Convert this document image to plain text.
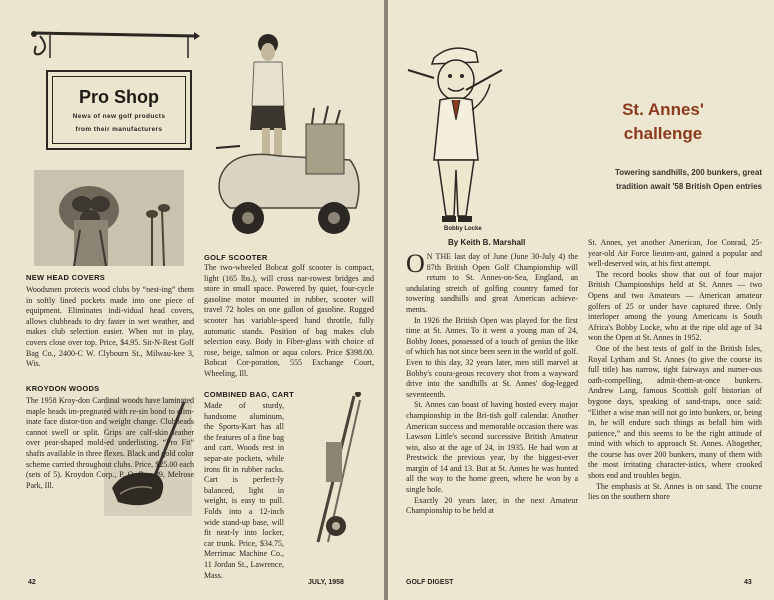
Pro Shop
News of new golf products
from their manufacturers
NEW HEAD COVERS
Woodsmen protects wood clubs by “nest-ing” them in softly lined pockets made into one piece of equipment. Eliminates indi-vidual head covers, allows clubheads to dry faster in wet weather, and makes club selection easier. When not in play, covers close over top. Price, $4.95. Sit-N-Rest Golf Bag Co., 2400-C W. Clybourn St., Milwau-kee 3, Wis.
KROYDON WOODS
The 1958 Kroy-don Cardinal woods have laminated maple heads im-pregnated with re-sin bond to elim-inate face distor-tion and weight change. Clubheads cannot swell or split. Grips are calf-skin leather over pear-shaped mold-ed underlisting. “Pro Fit” shafts available in three flexes. Black and gold color scheme carried throughout clubs. Price, $25.00 each (sets of 5). Kroydon Corp., P. O. Box 89, Melrose Park, Ill.
GOLF SCOOTER
The two-wheeled Bobcat golf scooter is compact, light (165 lbs.), will cross nar-rowest bridges and store in small space. Powered by quiet, four-cycle gasoline motor mounted in rubber, scooter will travel 72 holes on one gallon of gasoline. Rugged scooter has variable-speed hand throttle, fully automatic stands. Position of bag makes club selection easy. Body in Fiber-glass with choice of rose, beige, salmon or aqua colors. Price $398.00. Bobcat Cor-poration, 555 Exchange Court, Wheeling, Ill.
COMBINED BAG, CART
Made of sturdy, handsome aluminum, the Sports-Kart has all the features of a fine bag and cart. Woods rest in separ-ate pockets, while irons fit in rubber racks. Cart is perfect-ly balanced, light in weight, is easy to pull. Folds into a 12-inch wide stand-up base, will fit neat-ly into locker, car trunk. Price, $34.75, Merrimac Machine Co., 11 Jordan St., Lawrence, Mass.
42	JULY, 1958
Bobby Locke
St. Annes'
challenge
Towering sandhills, 200 bunkers, great
tradition await '58 British Open entries
By Keith B. Marshall
O N THE last day of June (June 30-July 4) the 87th British Open Golf Championship will return to St. Annes-on-Sea, England, an undulating stretch of golfing country famed for towering sandhills and great American achieve-ments.
In 1926 the British Open was played for the first time at St. Annes. To it went a young man of 24, Bobby Jones, possessed of a touch of genius the like of which has not since been seen in the world of golf. Even to this day, 32 years later, men still marvel at Bobby's coura-geous recovery shot from a wayward drive into the sandhills at St. Annes' dog-legged seventeenth.
St. Annes can boast of having hosted every major championship in the Bri-tish golf calendar. Another American success and memorable occasion there was Lawson Little's second successive British Amateur win, also at the age of 24, in 1935. He had won at Prestwick the previous year, by the biggest-ever margin of 14 and 13. But at St. Annes he was hunted all the way to the home green, where he won by a single hole.
Exactly 20 years later, in the next Amateur Championship to be held at
St. Annes, yet another American, Joe Conrad, 25-year-old Air Force lieuten-ant, gained a popular and well-deserved win, at his first attempt.
The record books show that out of four major British Championships held at St. Annes — two Opens and two Amateurs — American amateur golfers of 25 or under have captured three. Only interloper among the young Americans is South Africa's Bobby Locke, who at the ripe old age of 34 won the Open at St. Annes in 1952.
One of the best tests of golf in the British Isles, Royal Lytham and St. Annes (to give the course its full title) has narrow, tight fairways and numer-ous oath-compelling, admit-them-at-once bunkers. Andrew Lang, famous Scottish golf historian of bygone days, speaking of sand-traps, once said: “Either a wise man will not go into bunkers, or, being in, he will endure such things as befall him with patience,” and this seems to be the right attitude of mind with which to approach St. Annes. Altogether, the course has over 200 bunkers, many of them with the most irritating character-istics, where crooked shots end and troubles begin.
The emphasis at St. Annes is on sand. The course lies on the southern shore
GOLF DIGEST	43
